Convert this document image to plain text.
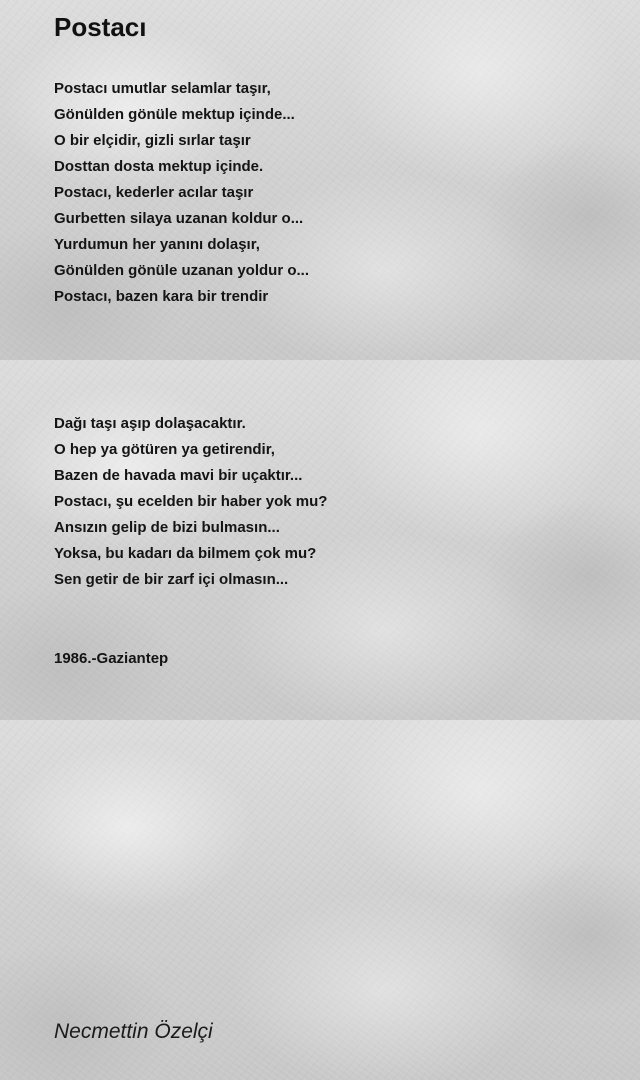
Postacı
Postacı umutlar selamlar taşır,
Gönülden gönüle mektup içinde...
O bir elçidir, gizli sırlar taşır
Dosttan dosta mektup içinde.
Postacı, kederler acılar taşır
Gurbetten silaya uzanan koldur o...
Yurdumun her yanını dolaşır,
Gönülden gönüle uzanan yoldur o...
Postacı, bazen kara bir trendir
Dağı taşı aşıp dolaşacaktır.
O hep ya götüren ya getirendir,
Bazen de havada mavi bir uçaktır...
Postacı, şu ecelden bir haber yok mu?
Ansızın gelip de bizi bulmasın...
Yoksa, bu kadarı da bilmem çok mu?
Sen getir de bir zarf içi olmasın...

1986.-Gaziantep

Necmettin Özelçi
